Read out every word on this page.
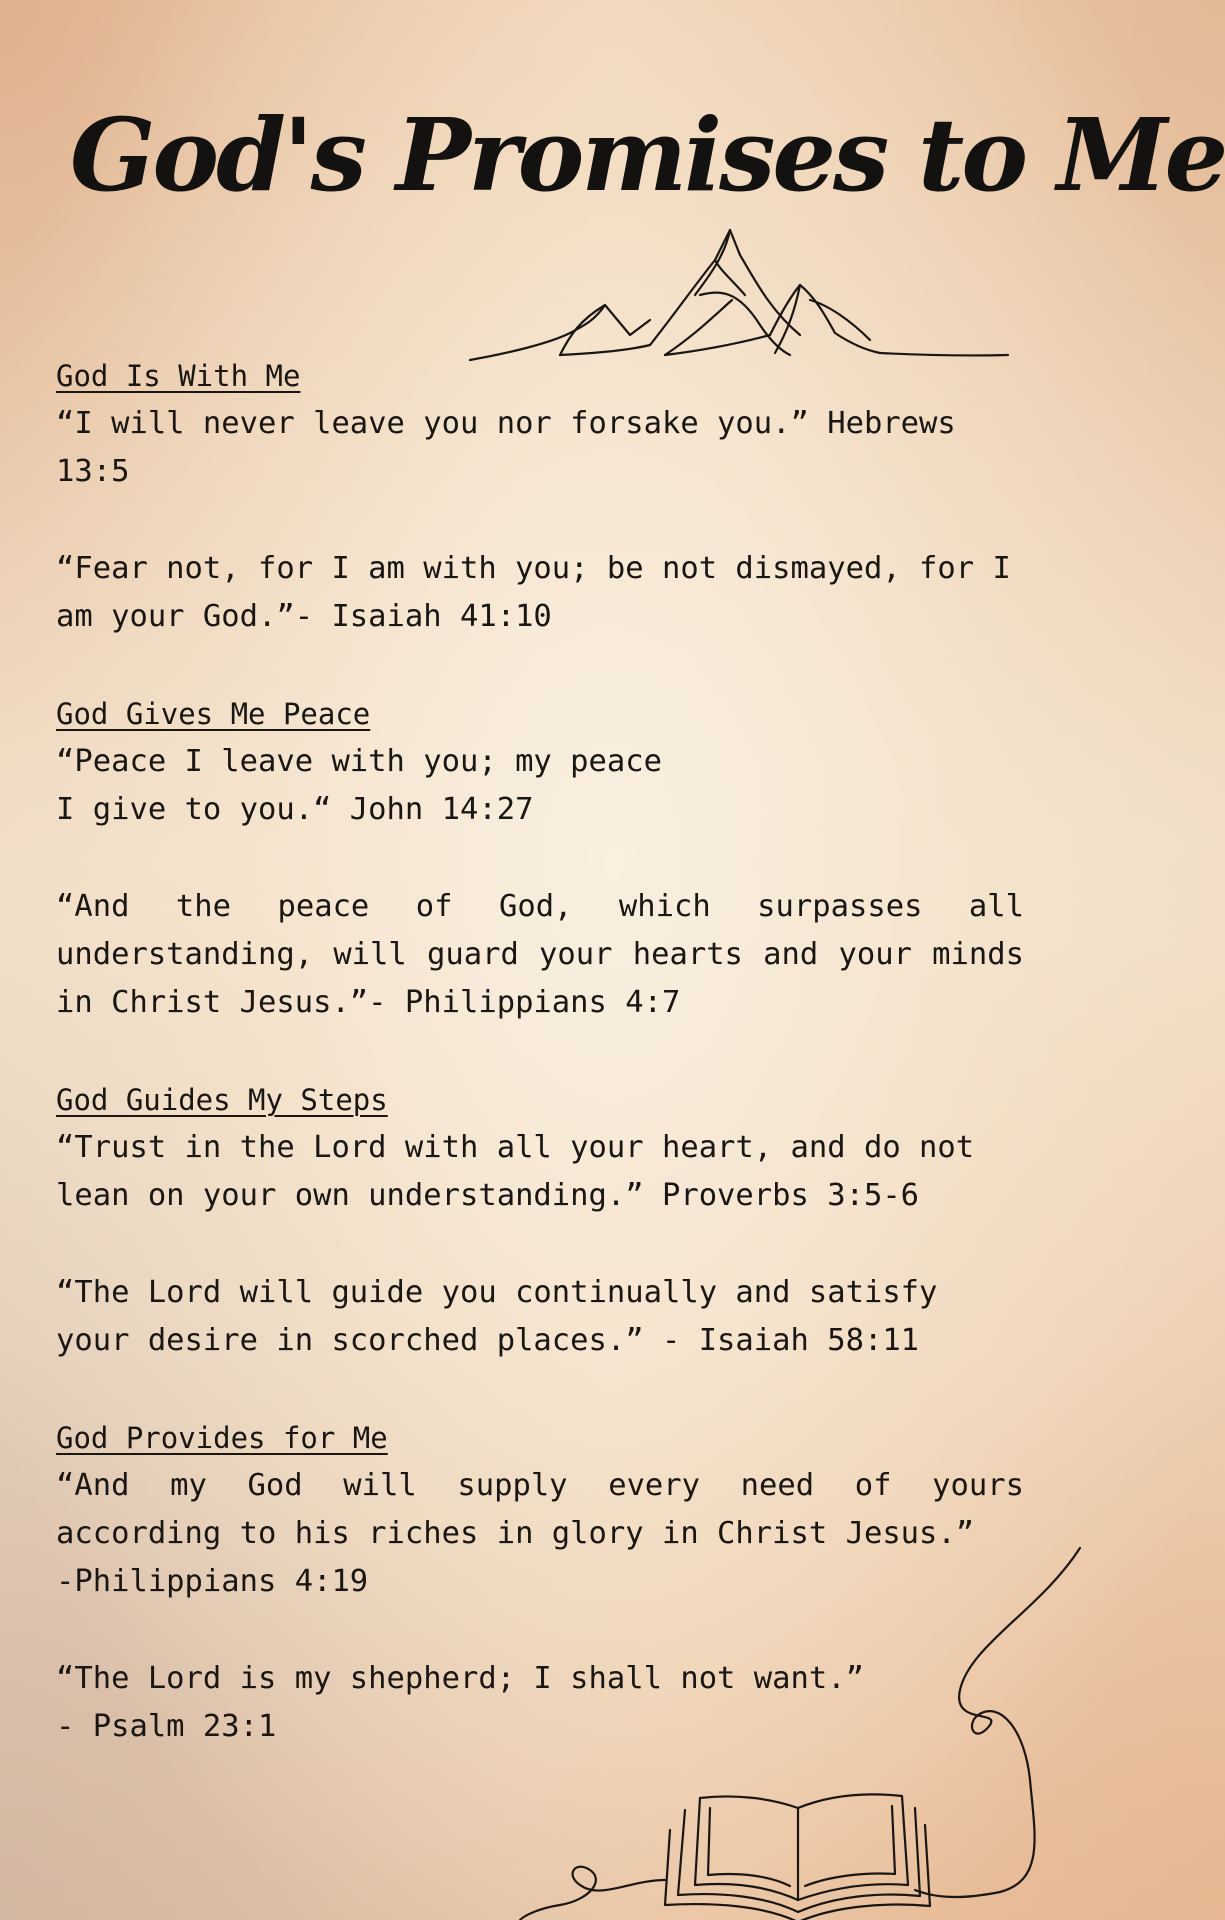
God's Promises to Me
God Is With Me

“I will never leave you nor forsake you.” Hebrews 13:5

“Fear not, for I am with you; be not dismayed, for I am your God.”- Isaiah 41:10

God Gives Me Peace

“Peace I leave with you; my peace
I give to you.“ John 14:27

“And the peace of God, which surpasses all understanding, will guard your hearts and your minds in Christ Jesus.”- Philippians 4:7

God Guides My Steps

“Trust in the Lord with all your heart, and do not lean on your own understanding.” Proverbs 3:5-6

“The Lord will guide you continually and satisfy your desire in scorched places.” - Isaiah 58:11

God Provides for Me

“And my God will supply every need of yours according to his riches in glory in Christ Jesus.”
-Philippians 4:19

“The Lord is my shepherd; I shall not want.”
- Psalm 23:1
